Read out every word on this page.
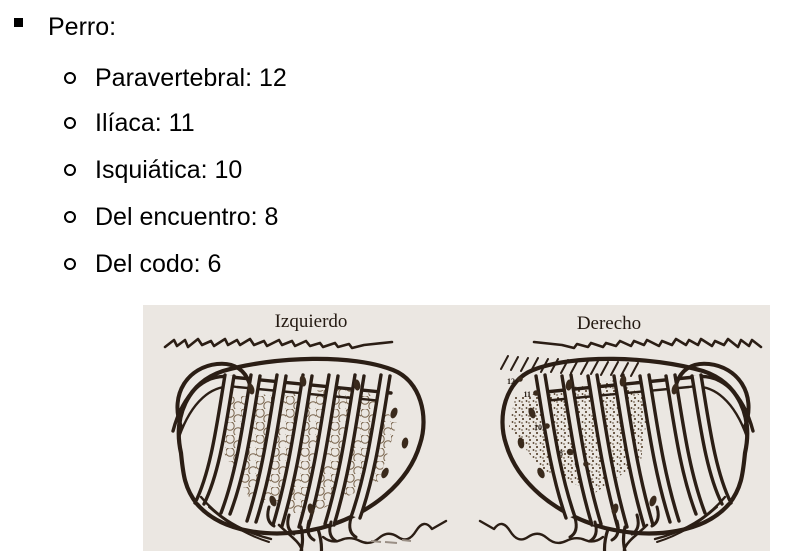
Perro:
Paravertebral: 12
Ilíaca: 11
Isquiática: 10
Del encuentro: 8
Del codo: 6
12
11
10
8
6
Izquierdo	Derecho
